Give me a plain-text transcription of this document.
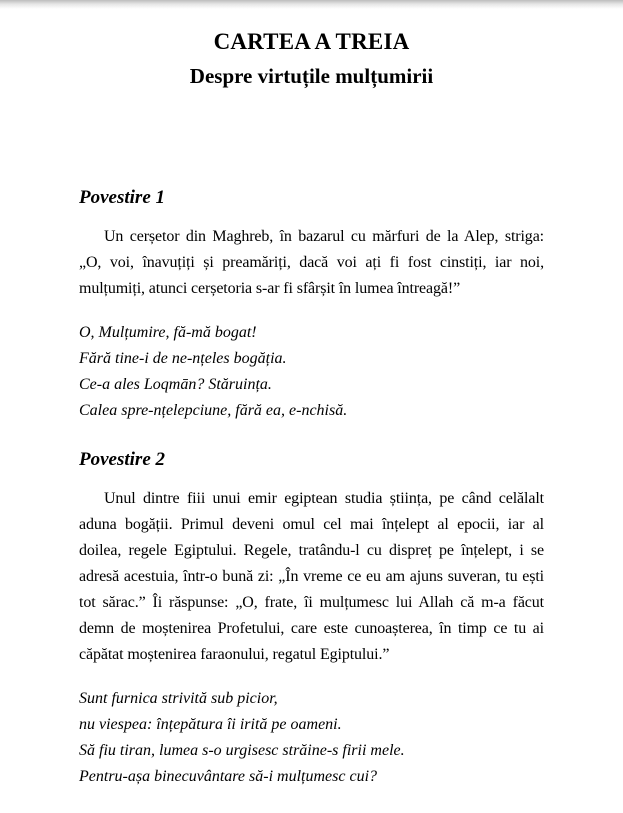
CARTEA A TREIA
Despre virtuțile mulțumirii
Povestire 1
Un cerșetor din Maghreb, în bazarul cu mărfuri de la Alep, striga:
„O, voi, înavuțiți și preamăriți, dacă voi ați fi fost cinstiți, iar noi,
mulțumiți, atunci cerșetoria s-ar fi sfârșit în lumea întreagă!”
O, Mulțumire, fă-mă bogat!
Fără tine-i de ne-nțeles bogăția.
Ce-a ales Loqmān? Stăruința.
Calea spre-nțelepciune, fără ea, e-nchisă.
Povestire 2
Unul dintre fiii unui emir egiptean studia știința, pe când celălalt
aduna bogății. Primul deveni omul cel mai înțelept al epocii, iar al
doilea, regele Egiptului. Regele, tratându-l cu dispreț pe înțelept, i se
adresă acestuia, într-o bună zi: „În vreme ce eu am ajuns suveran, tu ești
tot sărac.” Îi răspunse: „O, frate, îi mulțumesc lui Allah că m-a făcut
demn de moștenirea Profetului, care este cunoașterea, în timp ce tu ai
căpătat moștenirea faraonului, regatul Egiptului.”
Sunt furnica strivită sub picior,
nu viespea: înțepătura îi irită pe oameni.
Să fiu tiran, lumea s-o urgisesc străine-s firii mele.
Pentru-așa binecuvântare să-i mulțumesc cui?
